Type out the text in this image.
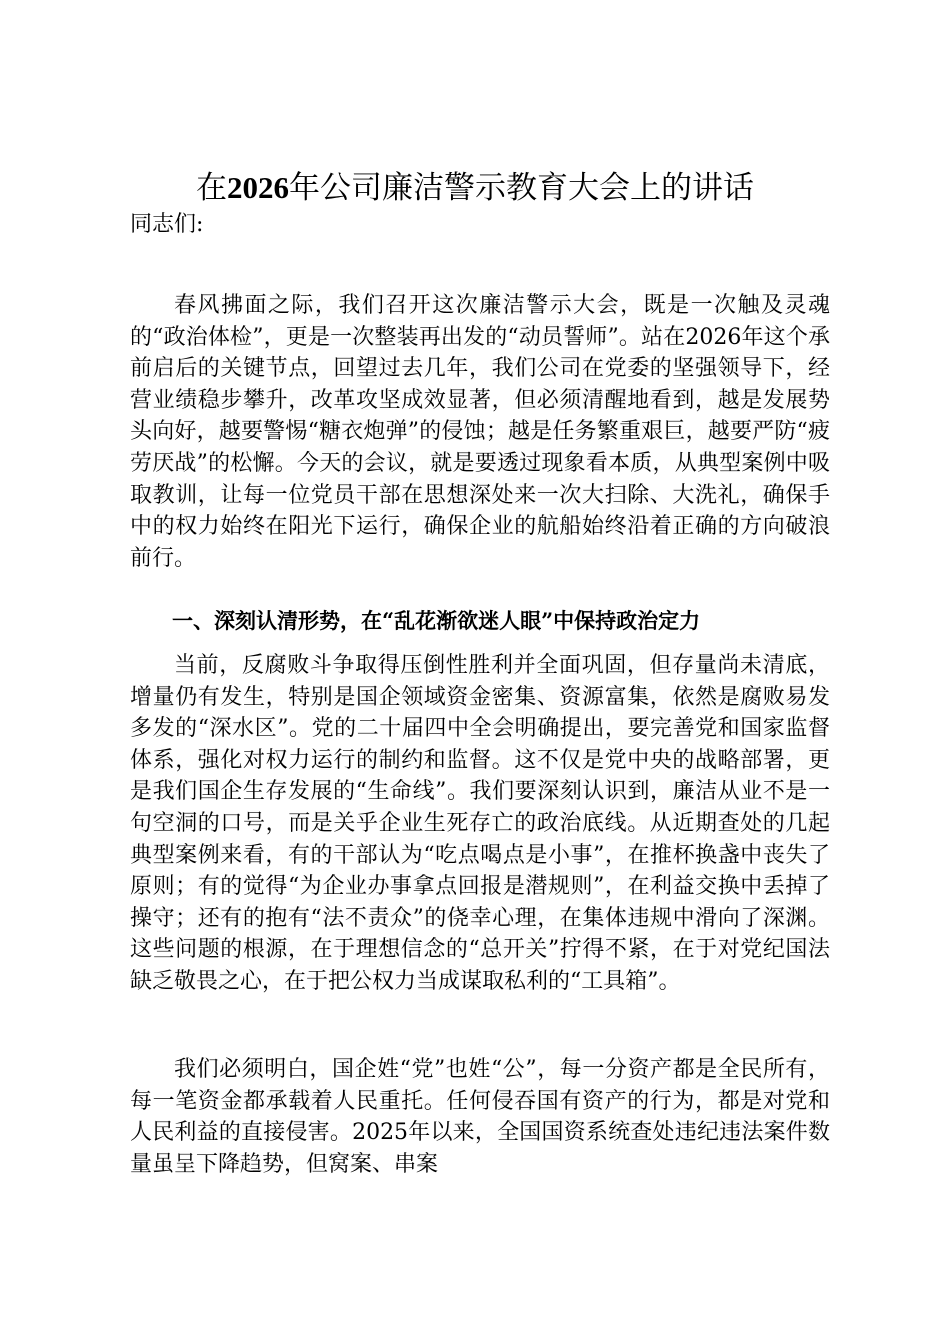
在2026年公司廉洁警示教育大会上的讲话
同志们:

春风拂面之际，我们召开这次廉洁警示大会，既是一次触及灵魂的“政治体检”，更是一次整装再出发的“动员誓师”。站在2026年这个承前启后的关键节点，回望过去几年，我们公司在党委的坚强领导下，经营业绩稳步攀升，改革攻坚成效显著，但必须清醒地看到，越是发展势头向好，越要警惕“糖衣炮弹”的侵蚀；越是任务繁重艰巨，越要严防“疲劳厌战”的松懈。今天的会议，就是要透过现象看本质，从典型案例中吸取教训，让每一位党员干部在思想深处来一次大扫除、大洗礼，确保手中的权力始终在阳光下运行，确保企业的航船始终沿着正确的方向破浪前行。

一、深刻认清形势，在“乱花渐欲迷人眼”中保持政治定力

当前，反腐败斗争取得压倒性胜利并全面巩固，但存量尚未清底，增量仍有发生，特别是国企领域资金密集、资源富集，依然是腐败易发多发的“深水区”。党的二十届四中全会明确提出，要完善党和国家监督体系，强化对权力运行的制约和监督。这不仅是党中央的战略部署，更是我们国企生存发展的“生命线”。我们要深刻认识到，廉洁从业不是一句空洞的口号，而是关乎企业生死存亡的政治底线。从近期查处的几起典型案例来看，有的干部认为“吃点喝点是小事”，在推杯换盏中丧失了原则；有的觉得“为企业办事拿点回报是潜规则”，在利益交换中丢掉了操守；还有的抱有“法不责众”的侥幸心理，在集体违规中滑向了深渊。这些问题的根源，在于理想信念的“总开关”拧得不紧，在于对党纪国法缺乏敬畏之心，在于把公权力当成谋取私利的“工具箱”。

我们必须明白，国企姓“党”也姓“公”，每一分资产都是全民所有，每一笔资金都承载着人民重托。任何侵吞国有资产的行为，都是对党和人民利益的直接侵害。2025年以来，全国国资系统查处违纪违法案件数量虽呈下降趋势，但窝案、串案
